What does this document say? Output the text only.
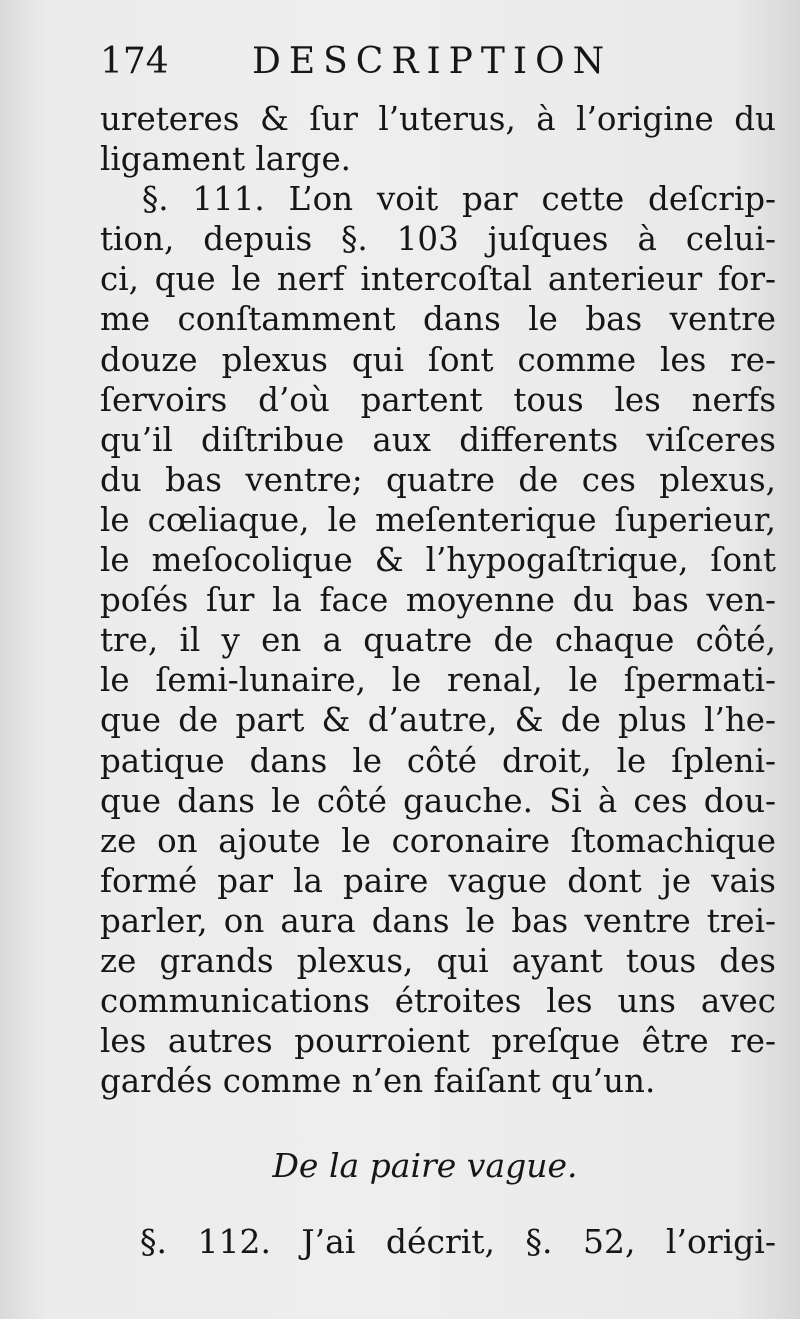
174 DESCRIPTION
ureteres & ſur l’uterus, à l’origine du
ligament large.
§. 111. L’on voit par cette deſcrip-
tion, depuis §. 103 juſques à celui-
ci, que le nerf intercoſtal anterieur for-
me conſtamment dans le bas ventre
douze plexus qui ſont comme les re-
ſervoirs d’où partent tous les nerfs
qu’il diſtribue aux differents viſceres
du bas ventre; quatre de ces plexus,
le cœliaque, le meſenterique ſuperieur,
le meſocolique & l’hypogaſtrique, ſont
poſés ſur la face moyenne du bas ven-
tre, il y en a quatre de chaque côté,
le ſemi-lunaire, le renal, le ſpermati-
que de part & d’autre, & de plus l’he-
patique dans le côté droit, le ſpleni-
que dans le côté gauche. Si à ces dou-
ze on ajoute le coronaire ſtomachique
formé par la paire vague dont je vais
parler, on aura dans le bas ventre trei-
ze grands plexus, qui ayant tous des
communications étroites les uns avec
les autres pourroient preſque être re-
gardés comme n’en faiſant qu’un.
De la paire vague.
§. 112. J’ai décrit, §. 52, l’origi-
